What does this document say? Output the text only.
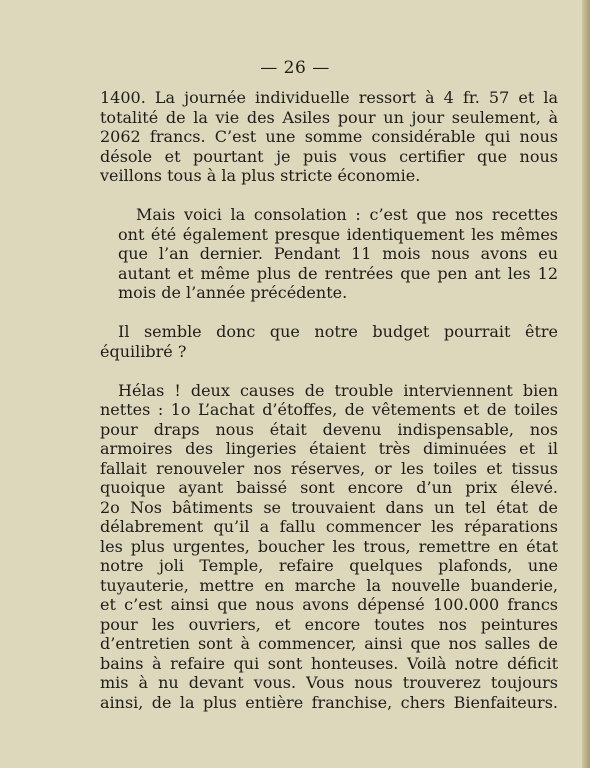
— 26 —
1400. La journée individuelle ressort à 4 fr. 57 et la
totalité de la vie des Asiles pour un jour seulement, à
2062 francs. C’est une somme considérable qui nous
désole et pourtant je puis vous certifier que nous
veillons tous à la plus stricte économie.
Mais voici la consolation : c’est que nos recettes
ont été également presque identiquement les mêmes
que l’an dernier. Pendant 11 mois nous avons eu
autant et même plus de rentrées que pen ant les 12
mois de l’année précédente.
Il semble donc que notre budget pourrait être
équilibré ?
Hélas ! deux causes de trouble interviennent bien
nettes : 1o L’achat d’étoffes, de vêtements et de toiles
pour draps nous était devenu indispensable, nos
armoires des lingeries étaient très diminuées et il
fallait renouveler nos réserves, or les toiles et tissus
quoique ayant baissé sont encore d’un prix élevé.
2o Nos bâtiments se trouvaient dans un tel état de
délabrement qu’il a fallu commencer les réparations
les plus urgentes, boucher les trous, remettre en état
notre joli Temple, refaire quelques plafonds, une
tuyauterie, mettre en marche la nouvelle buanderie,
et c’est ainsi que nous avons dépensé 100.000 francs
pour les ouvriers, et encore toutes nos peintures
d’entretien sont à commencer, ainsi que nos salles de
bains à refaire qui sont honteuses. Voilà notre déficit
mis à nu devant vous. Vous nous trouverez toujours
ainsi, de la plus entière franchise, chers Bienfaiteurs.
